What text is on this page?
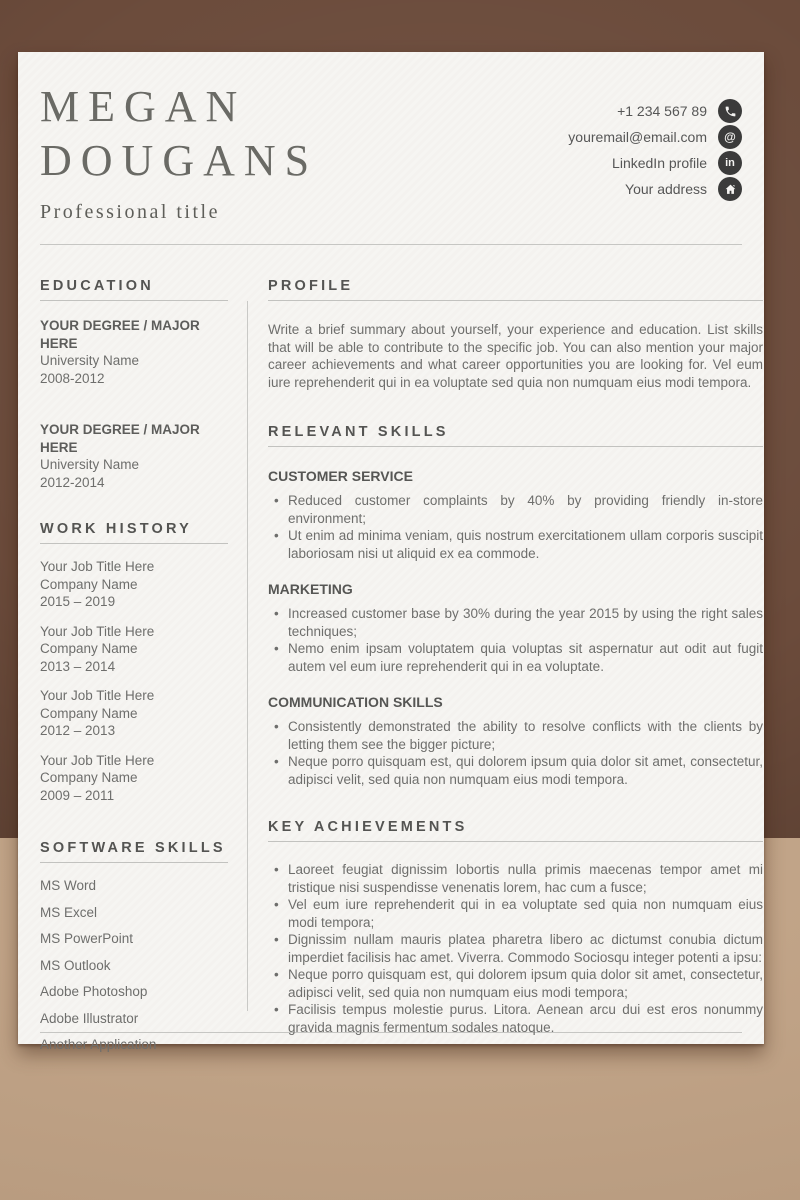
MEGAN
DOUGANS
Professional title
+1 234 567 89
youremail@email.com @
LinkedIn profile in
Your address
EDUCATION
YOUR DEGREE / MAJOR HERE
University Name
2008-2012
YOUR DEGREE / MAJOR HERE
University Name
2012-2014
WORK HISTORY
Your Job Title Here
Company Name
2015 – 2019
Your Job Title Here
Company Name
2013 – 2014
Your Job Title Here
Company Name
2012 – 2013
Your Job Title Here
Company Name
2009 – 2011
SOFTWARE SKILLS
MS Word
MS Excel
MS PowerPoint
MS Outlook
Adobe Photoshop
Adobe Illustrator
Another Application
PROFILE

Write a brief summary about yourself, your experience and education. List skills that will be able to contribute to the specific job. You can also mention your major career achievements and what career opportunities you are looking for. Vel eum iure reprehenderit qui in ea voluptate sed quia non numquam eius modi tempora.

RELEVANT SKILLS
CUSTOMER SERVICE
• Reduced customer complaints by 40% by providing friendly in-store environment;
• Ut enim ad minima veniam, quis nostrum exercitationem ullam corporis suscipit laboriosam nisi ut aliquid ex ea commode.
MARKETING
• Increased customer base by 30% during the year 2015 by using the right sales techniques;
• Nemo enim ipsam voluptatem quia voluptas sit aspernatur aut odit aut fugit autem vel eum iure reprehenderit qui in ea voluptate.
COMMUNICATION SKILLS
• Consistently demonstrated the ability to resolve conflicts with the clients by letting them see the bigger picture;
• Neque porro quisquam est, qui dolorem ipsum quia dolor sit amet, consectetur, adipisci velit, sed quia non numquam eius modi tempora.
KEY ACHIEVEMENTS
• Laoreet feugiat dignissim lobortis nulla primis maecenas tempor amet mi tristique nisi suspendisse venenatis lorem, hac cum a fusce;
• Vel eum iure reprehenderit qui in ea voluptate sed quia non numquam eius modi tempora;
• Dignissim nullam mauris platea pharetra libero ac dictumst conubia dictum imperdiet facilisis hac amet. Viverra. Commodo Sociosqu integer potenti a ipsu:
• Neque porro quisquam est, qui dolorem ipsum quia dolor sit amet, consectetur, adipisci velit, sed quia non numquam eius modi tempora;
• Facilisis tempus molestie purus. Litora. Aenean arcu dui est eros nonummy gravida magnis fermentum sodales natoque.
